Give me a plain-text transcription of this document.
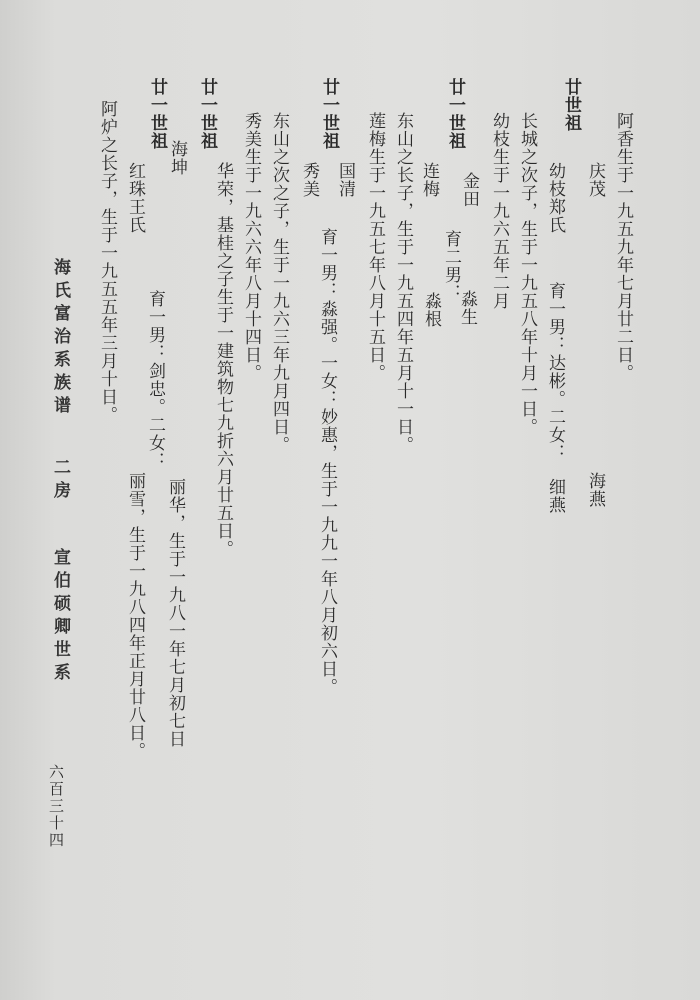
阿香生于一九五九年七月廿二日。
庆茂
海燕
廿世祖
幼枝郑氏
育一男：达彬。二女：
细燕
长城之次子，生于一九五八年十月一日。
幼枝生于一九六五年二月
廿一世祖
金田
淼生
连梅
育二男：
淼根
东山之长子，生于一九五四年五月十一日。
莲梅生于一九五七年八月十五日。
廿一世祖
国清
秀美
育一男：淼强。一女：妙惠，生于一九九一年八月初六日。
东山之次之子，生于一九六三年九月四日。
秀美生于一九六六年八月十四日。
廿一世祖
华荣，基桂之子生于一建筑物七九折六月廿五日。
廿一世祖
海坤
丽华，生于一九八一年七月初七日
红珠王氏
育一男：剑忠。二女：
丽雪，生于一九八四年正月廿八日。
阿炉之长子，生于一九五五年三月十日。
海氏富治系族谱
二房
宣伯硕卿世系
六百三十四
